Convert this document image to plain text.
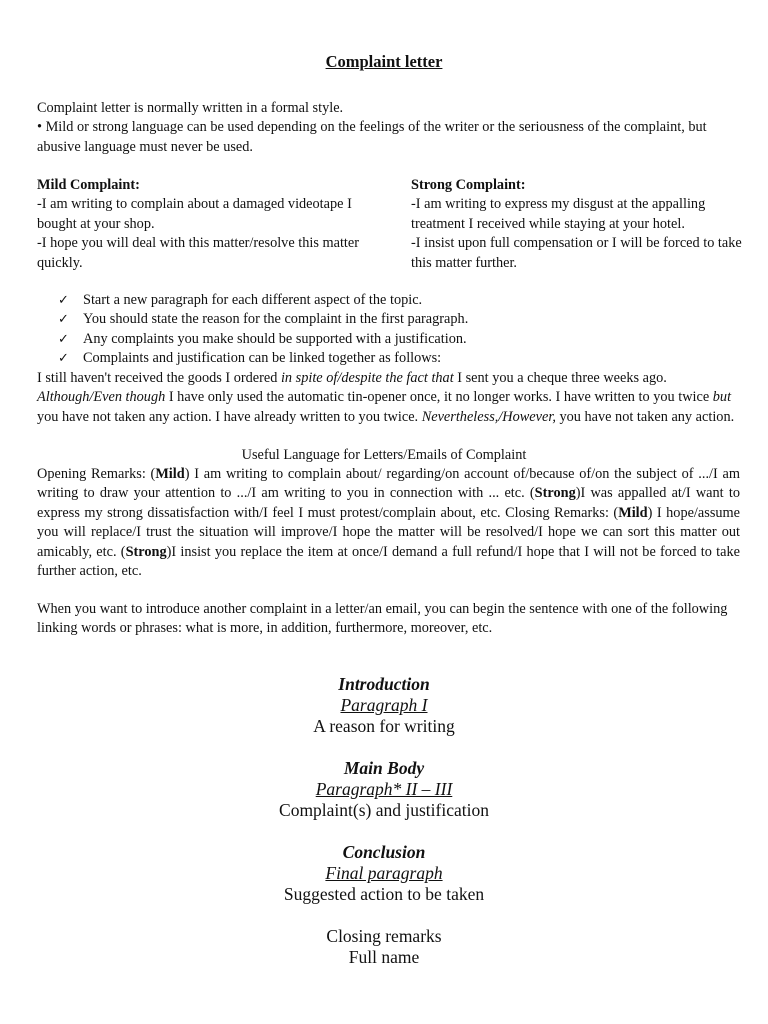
Complaint letter
Complaint letter is normally written in a formal style.
• Mild or strong language can be used depending on the feelings of the writer or the seriousness of the complaint, but abusive language must never be used.
Mild Complaint:
-I am writing to complain about a damaged videotape I bought at your shop.
-I hope you will deal with this matter/resolve this matter quickly.
Strong Complaint:
-I am writing to express my disgust at the appalling treatment I received while staying at your hotel.
-I insist upon full compensation or I will be forced to take this matter further.
✓ Start a new paragraph for each different aspect of the topic.
✓ You should state the reason for the complaint in the first paragraph.
✓ Any complaints you make should be supported with a justification.
✓ Complaints and justification can be linked together as follows:
I still haven't received the goods I ordered in spite of/despite the fact that I sent you a cheque three weeks ago. Although/Even though I have only used the automatic tin-opener once, it no longer works. I have written to you twice but you have not taken any action. I have already written to you twice. Nevertheless,/However, you have not taken any action.
Useful Language for Letters/Emails of Complaint
Opening Remarks: (Mild) I am writing to complain about/ regarding/on account of/because of/on the subject of .../I am writing to draw your attention to .../I am writing to you in connection with ... etc. (Strong)I was appalled at/I want to express my strong dissatisfaction with/I feel I must protest/complain about, etc. Closing Remarks: (Mild) I hope/assume you will replace/I trust the situation will improve/I hope the matter will be resolved/I hope we can sort this matter out amicably, etc. (Strong)I insist you replace the item at once/I demand a full refund/I hope that I will not be forced to take further action, etc.
When you want to introduce another complaint in a letter/an email, you can begin the sentence with one of the following linking words or phrases: what is more, in addition, furthermore, moreover, etc.
Introduction
Paragraph I
A reason for writing
Main Body
Paragraph* II – III
Complaint(s) and justification
Conclusion
Final paragraph
Suggested action to be taken
Closing remarks
Full name
